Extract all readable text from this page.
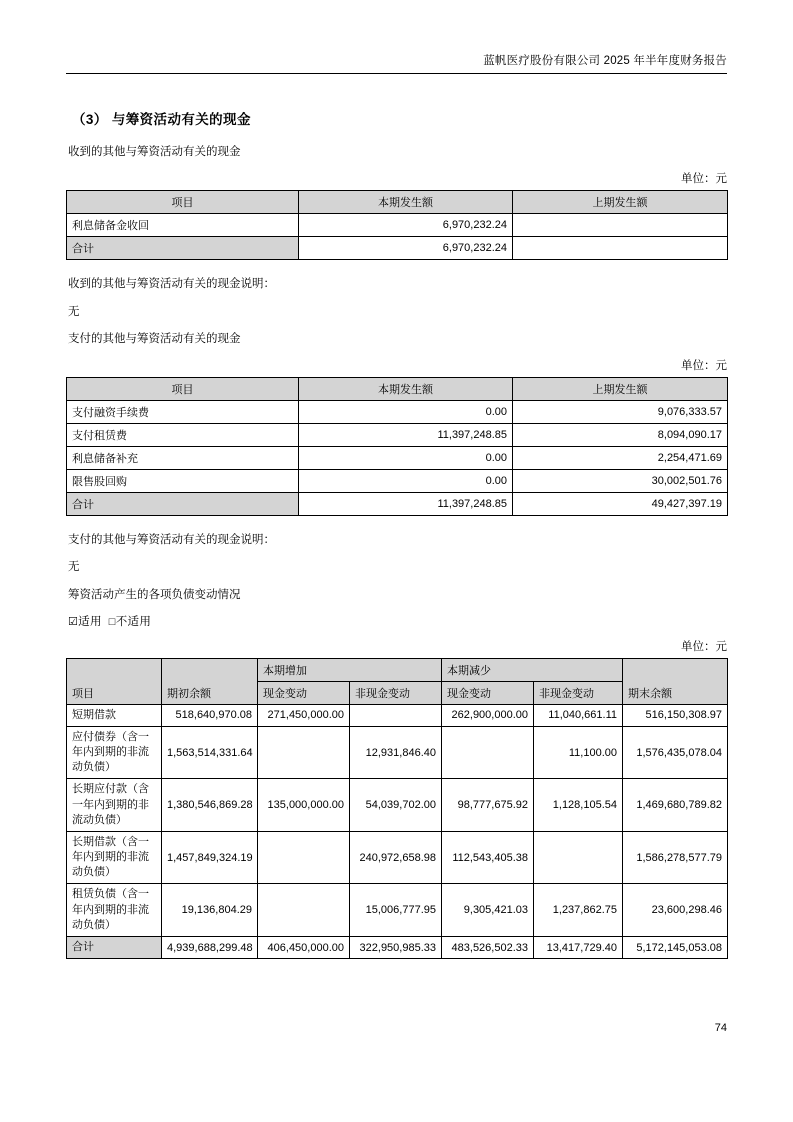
蓝帆医疗股份有限公司 2025 年半年度财务报告
（3） 与筹资活动有关的现金
收到的其他与筹资活动有关的现金
单位：元
项目	本期发生额	上期发生额
利息储备金收回	6,970,232.24	
合计	6,970,232.24	
收到的其他与筹资活动有关的现金说明：
无
支付的其他与筹资活动有关的现金
单位：元
项目	本期发生额	上期发生额
支付融资手续费	0.00	9,076,333.57
支付租赁费	11,397,248.85	8,094,090.17
利息储备补充	0.00	2,254,471.69
限售股回购	0.00	30,002,501.76
合计	11,397,248.85	49,427,397.19
支付的其他与筹资活动有关的现金说明：
无
筹资活动产生的各项负债变动情况
☑适用 □不适用
单位：元
项目	期初余额	本期增加		本期减少		期末余额
		现金变动	非现金变动	现金变动	非现金变动	
短期借款	518,640,970.08	271,450,000.00		262,900,000.00	11,040,661.11	516,150,308.97
应付债券（含一年内到期的非流动负债）	1,563,514,331.64		12,931,846.40		11,100.00	1,576,435,078.04
长期应付款（含一年内到期的非流动负债）	1,380,546,869.28	135,000,000.00	54,039,702.00	98,777,675.92	1,128,105.54	1,469,680,789.82
长期借款（含一年内到期的非流动负债）	1,457,849,324.19		240,972,658.98	112,543,405.38		1,586,278,577.79
租赁负债（含一年内到期的非流动负债）	19,136,804.29		15,006,777.95	9,305,421.03	1,237,862.75	23,600,298.46
合计	4,939,688,299.48	406,450,000.00	322,950,985.33	483,526,502.33	13,417,729.40	5,172,145,053.08
74
